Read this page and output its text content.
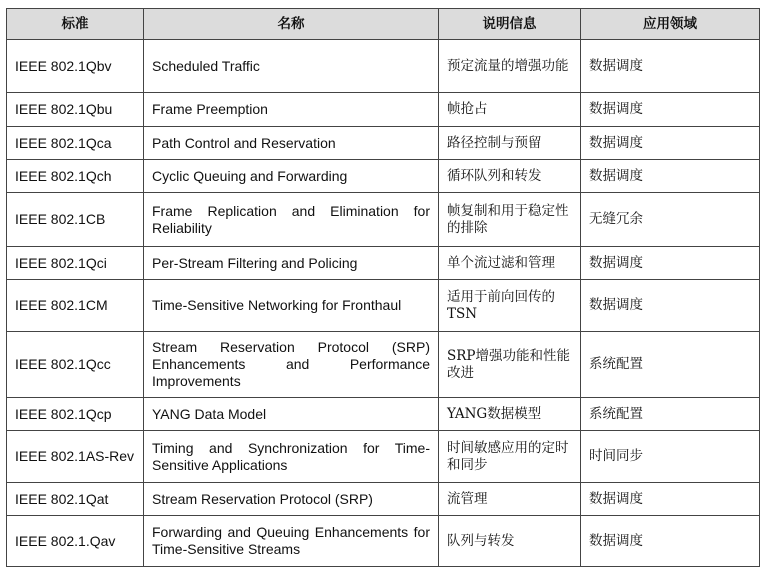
标准	名称	说明信息	应用领域
IEEE 802.1Qbv	Scheduled Traffic	预定流量的增强功能	数据调度
IEEE 802.1Qbu	Frame Preemption	帧抢占	数据调度
IEEE 802.1Qca	Path Control and Reservation	路径控制与预留	数据调度
IEEE 802.1Qch	Cyclic Queuing and Forwarding	循环队列和转发	数据调度
IEEE 802.1CB	Frame Replication and Elimination for Reliability	帧复制和用于稳定性的排除	无缝冗余
IEEE 802.1Qci	Per-Stream Filtering and Policing	单个流过滤和管理	数据调度
IEEE 802.1CM	Time-Sensitive Networking for Fronthaul	适用于前向回传的TSN	数据调度
IEEE 802.1Qcc	Stream Reservation Protocol (SRP) Enhancements and Performance Improvements	SRP增强功能和性能改进	系统配置
IEEE 802.1Qcp	YANG Data Model	YANG数据模型	系统配置
IEEE 802.1AS-Rev	Timing and Synchronization for Time-Sensitive Applications	时间敏感应用的定时和同步	时间同步
IEEE 802.1Qat	Stream Reservation Protocol (SRP)	流管理	数据调度
IEEE 802.1.Qav	Forwarding and Queuing Enhancements for Time-Sensitive Streams	队列与转发	数据调度
